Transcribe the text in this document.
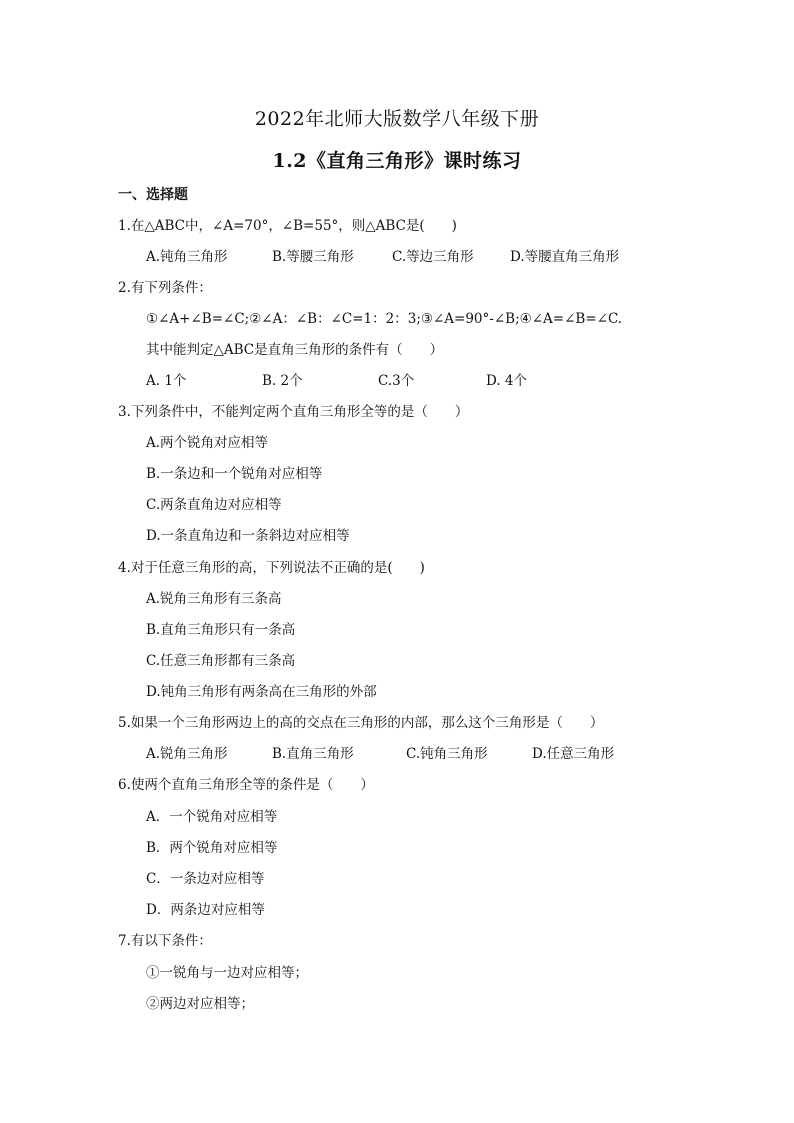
2022年北师大版数学八年级下册
1.2《直角三角形》课时练习
一、选择题
1.在△ABC中，∠A=70°，∠B=55°，则△ABC是(　　)
A.钝角三角形	B.等腰三角形	C.等边三角形	D.等腰直角三角形
2.有下列条件：
①∠A+∠B=∠C;②∠A：∠B：∠C=1：2：3;③∠A=90°-∠B;④∠A=∠B=∠C.
其中能判定△ABC是直角三角形的条件有（　　）
A. 1个	B. 2个	C.3个	D. 4个
3.下列条件中，不能判定两个直角三角形全等的是（　　）
A.两个锐角对应相等
B.一条边和一个锐角对应相等
C.两条直角边对应相等
D.一条直角边和一条斜边对应相等
4.对于任意三角形的高，下列说法不正确的是(　　)
A.锐角三角形有三条高
B.直角三角形只有一条高
C.任意三角形都有三条高
D.钝角三角形有两条高在三角形的外部
5.如果一个三角形两边上的高的交点在三角形的内部，那么这个三角形是（　　）
A.锐角三角形	B.直角三角形	C.钝角三角形	D.任意三角形
6.使两个直角三角形全等的条件是（　　）
A．一个锐角对应相等
B．两个锐角对应相等
C．一条边对应相等
D．两条边对应相等
7.有以下条件：
①一锐角与一边对应相等；
②两边对应相等；
